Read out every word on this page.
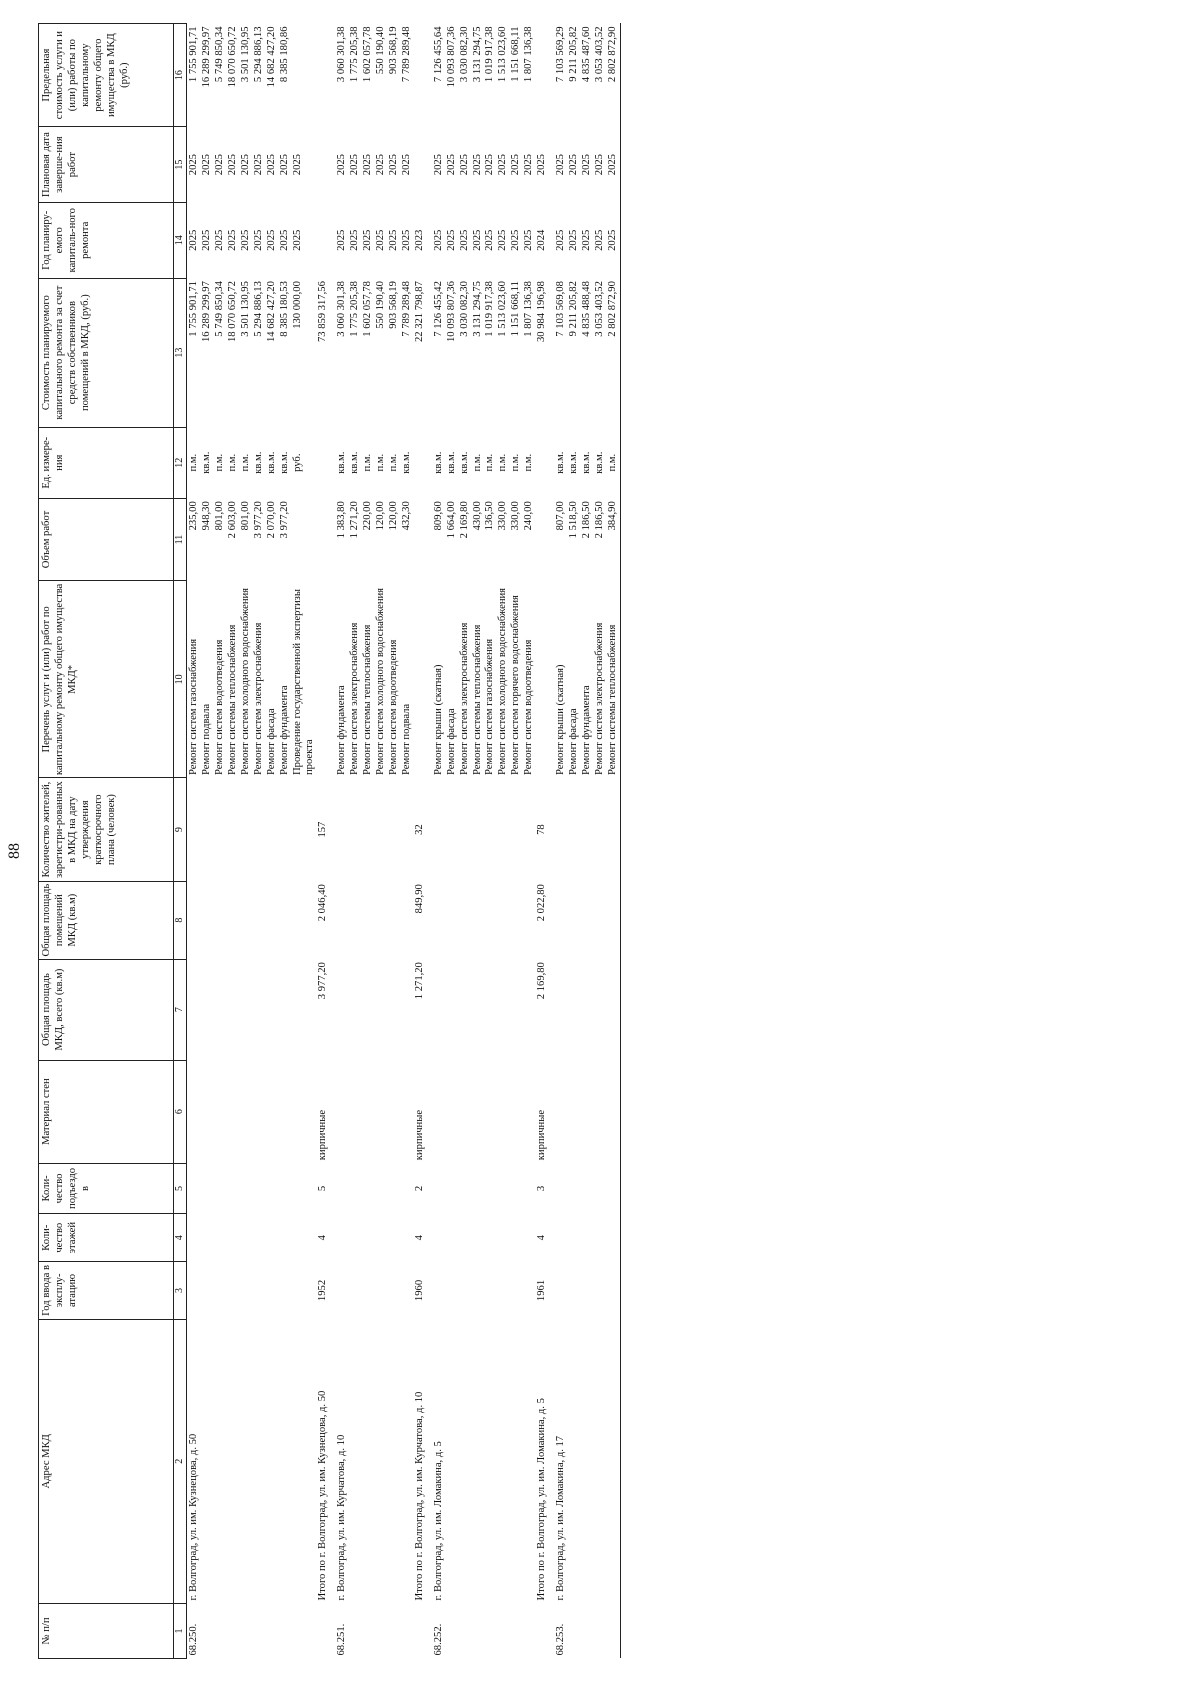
88
№ п/п	Адрес МКД	Год ввода в эксплу-атацию	Коли-чество этажей	Коли-чество подъездо в	Материал стен	Общая площадь МКД, всего (кв.м)	Общая площадь помещений МКД (кв.м)	Количество жителей, зарегистри-рованных в МКД на дату утверждения краткосрочного плана (человек)	Перечень услуг и (или) работ по капитальному ремонту общего имущества МКД*	Объем работ	Ед. измере-ния	Стоимость планируемого капитального ремонта за счет средств собственников помещений в МКД, (руб.)	Год планиру-емого капиталь-ного ремонта	Плановая дата заверше-ния работ	Предельная стоимость услуги и (или) работы по капитальному ремонту общего имущества в МКД (руб.)
1	2	3	4	5	6	7	8	9	10	11	12	13	14	15	16
68.250.	г. Волгоград, ул. им. Кузнецова, д. 50								Ремонт систем газоснабжения	235,00	п.м.	1 755 901,71	2025	2025	1 755 901,71
									Ремонт подвала	948,30	кв.м.	16 289 299,97	2025	2025	16 289 299,97
									Ремонт систем водоотведения	801,00	п.м.	5 749 850,34	2025	2025	5 749 850,34
									Ремонт системы теплоснабжения	2 603,00	п.м.	18 070 650,72	2025	2025	18 070 650,72
									Ремонт систем холодного водоснабжения	801,00	п.м.	3 501 130,95	2025	2025	3 501 130,95
									Ремонт систем электроснабжения	3 977,20	кв.м.	5 294 886,13	2025	2025	5 294 886,13
									Ремонт фасада	2 070,00	кв.м.	14 682 427,20	2025	2025	14 682 427,20
									Ремонт фундамента	3 977,20	кв.м.	8 385 180,53	2025	2025	8 385 180,86
									Проведение государственной экспертизы проекта		руб.	130 000,00	2025	2025	
	Итого по г. Волгоград, ул. им. Кузнецова, д. 50	1952	4	5	кирпичные	3 977,20	2 046,40	157				73 859 317,56			

68.251.	г. Волгоград, ул. им. Курчатова, д. 10								Ремонт фундамента	1 383,80	кв.м.	3 060 301,38	2025	2025	3 060 301,38
									Ремонт систем электроснабжения	1 271,20	кв.м.	1 775 205,38	2025	2025	1 775 205,38
									Ремонт системы теплоснабжения	220,00	п.м.	1 602 057,78	2025	2025	1 602 057,78
									Ремонт систем холодного водоснабжения	120,00	п.м.	550 190,40	2025	2025	550 190,40
									Ремонт систем водоотведения	120,00	п.м.	903 568,19	2025	2025	903 568,19
									Ремонт подвала	432,30	кв.м.	7 789 289,48	2025	2025	7 789 289,48
	Итого по г. Волгоград, ул. им. Курчатова, д. 10	1960	4	2	кирпичные	1 271,20	849,90	32				22 321 798,87	2023		

68.252.	г. Волгоград, ул. им. Ломакина, д. 5								Ремонт крыши (скатная)	809,60	кв.м.	7 126 455,42	2025	2025	7 126 455,64
									Ремонт фасада	1 664,00	кв.м.	10 093 807,36	2025	2025	10 093 807,36
									Ремонт систем электроснабжения	2 169,80	кв.м.	3 030 082,30	2025	2025	3 030 082,30
									Ремонт системы теплоснабжения	430,00	п.м.	3 131 294,75	2025	2025	3 131 294,75
									Ремонт систем газоснабжения	136,50	п.м.	1 019 917,38	2025	2025	1 019 917,38
									Ремонт систем холодного водоснабжения	330,00	п.м.	1 513 023,60	2025	2025	1 513 023,60
									Ремонт систем горячего водоснабжения	330,00	п.м.	1 151 668,11	2025	2025	1 151 668,11
									Ремонт систем водоотведения	240,00	п.м.	1 807 136,38	2025	2025	1 807 136,38
	Итого по г. Волгоград, ул. им. Ломакина, д. 5	1961	4	3	кирпичные	2 169,80	2 022,80	78				30 984 196,98	2024	2025	

68.253.	г. Волгоград, ул. им. Ломакина, д. 17								Ремонт крыши (скатная)	807,00	кв.м.	7 103 569,08	2025	2025	7 103 569,29
									Ремонт фасада	1 518,50	кв.м.	9 211 205,82	2025	2025	9 211 205,82
									Ремонт фундамента	2 186,50	кв.м.	4 835 488,48	2025	2025	4 835 487,60
									Ремонт систем электроснабжения	2 186,50	кв.м.	3 053 403,52	2025	2025	3 053 403,52
									Ремонт системы теплоснабжения	384,90	п.м.	2 802 872,90	2025	2025	2 802 872,90
